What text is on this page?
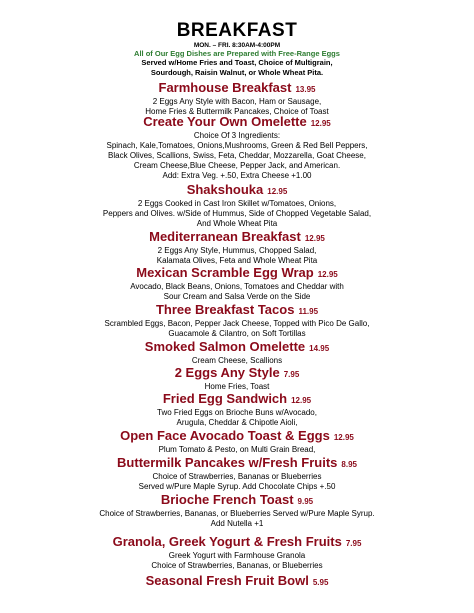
BREAKFAST
MON. – FRI. 8:30AM-4:00PM
All of Our Egg Dishes are Prepared with Free-Range Eggs
Served w/Home Fries and Toast, Choice of Multigrain,
Sourdough, Raisin Walnut, or Whole Wheat Pita.
Farmhouse Breakfast 13.95
2 Eggs Any Style with Bacon, Ham or Sausage,
Home Fries & Buttermilk Pancakes, Choice of Toast
Create Your Own Omelette 12.95
Choice Of 3 Ingredients:
Spinach, Kale,Tomatoes, Onions,Mushrooms, Green & Red Bell Peppers,
Black Olives, Scallions, Swiss, Feta, Cheddar, Mozzarella, Goat Cheese,
Cream Cheese,Blue Cheese, Pepper Jack, and American.
Add: Extra Veg. +.50, Extra Cheese +1.00
Shakshouka 12.95
2 Eggs Cooked in Cast Iron Skillet w/Tomatoes, Onions,
Peppers and Olives. w/Side of Hummus, Side of Chopped Vegetable Salad,
And Whole Wheat Pita
Mediterranean Breakfast 12.95
2 Eggs Any Style, Hummus, Chopped Salad,
Kalamata Olives, Feta and Whole Wheat Pita
Mexican Scramble Egg Wrap 12.95
Avocado, Black Beans, Onions, Tomatoes and Cheddar with
Sour Cream and Salsa Verde on the Side
Three Breakfast Tacos 11.95
Scrambled Eggs, Bacon, Pepper Jack Cheese, Topped with Pico De Gallo,
Guacamole & Cilantro, on Soft Tortillas
Smoked Salmon Omelette 14.95
Cream Cheese, Scallions
2 Eggs Any Style 7.95
Home Fries, Toast
Fried Egg Sandwich 12.95
Two Fried Eggs on Brioche Buns w/Avocado,
Arugula, Cheddar & Chipotle Aioli,
Open Face Avocado Toast & Eggs 12.95
Plum Tomato & Pesto, on Multi Grain Bread,
Buttermilk Pancakes w/Fresh Fruits 8.95
Choice of Strawberries, Bananas or Blueberries
Served w/Pure Maple Syrup. Add Chocolate Chips +.50
Brioche French Toast 9.95
Choice of Strawberries, Bananas, or Blueberries Served w/Pure Maple Syrup.
Add Nutella +1
Granola, Greek Yogurt & Fresh Fruits 7.95
Greek Yogurt with Farmhouse Granola
Choice of Strawberries, Bananas, or Blueberries
Seasonal Fresh Fruit Bowl 5.95
